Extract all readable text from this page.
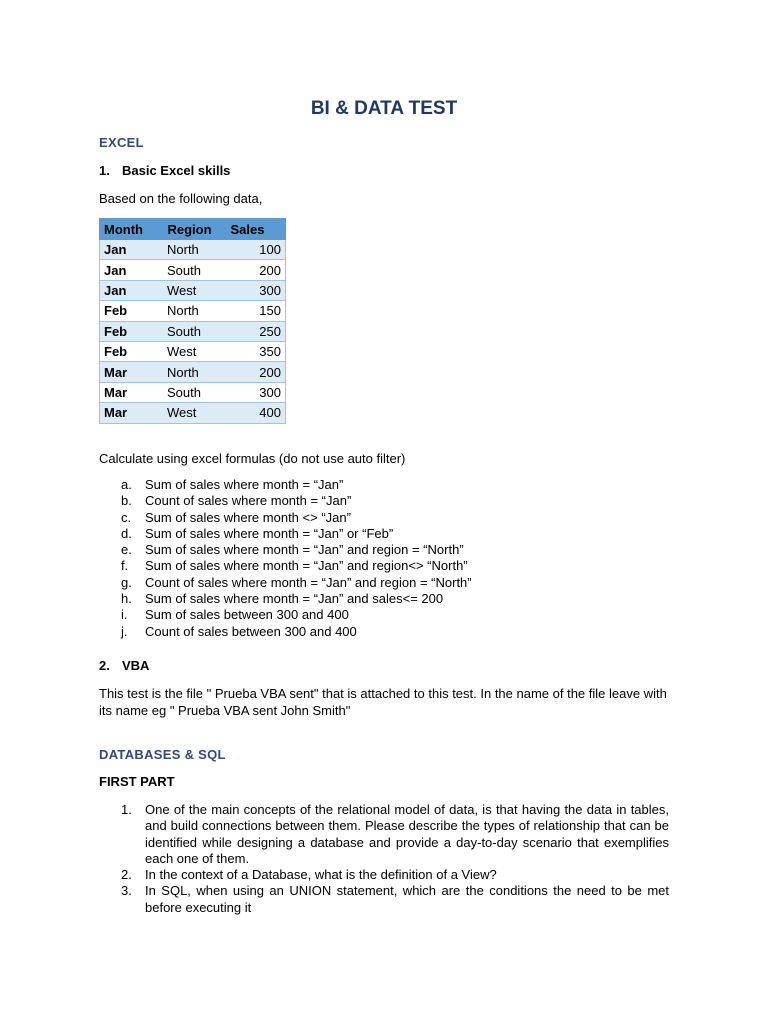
BI & DATA TEST
EXCEL
1. Basic Excel skills
Based on the following data,
Month	Region	Sales
Jan	North	100
Jan	South	200
Jan	West	300
Feb	North	150
Feb	South	250
Feb	West	350
Mar	North	200
Mar	South	300
Mar	West	400
Calculate using excel formulas (do not use auto filter)
a. Sum of sales where month = “Jan”
b. Count of sales where month = “Jan”
c. Sum of sales where month <> “Jan”
d. Sum of sales where month = “Jan” or “Feb”
e. Sum of sales where month = “Jan” and region = “North”
f. Sum of sales where month = “Jan” and region<> “North”
g. Count of sales where month = “Jan” and region = “North”
h. Sum of sales where month = “Jan” and sales<= 200
i. Sum of sales between 300 and 400
j. Count of sales between 300 and 400
2. VBA
This test is the file " Prueba VBA sent" that is attached to this test. In the name of the file leave with its name eg " Prueba VBA sent John Smith"
DATABASES & SQL
FIRST PART
1. One of the main concepts of the relational model of data, is that having the data in tables, and build connections between them. Please describe the types of relationship that can be identified while designing a database and provide a day-to-day scenario that exemplifies each one of them.
2. In the context of a Database, what is the definition of a View?
3. In SQL, when using an UNION statement, which are the conditions the need to be met before executing it
